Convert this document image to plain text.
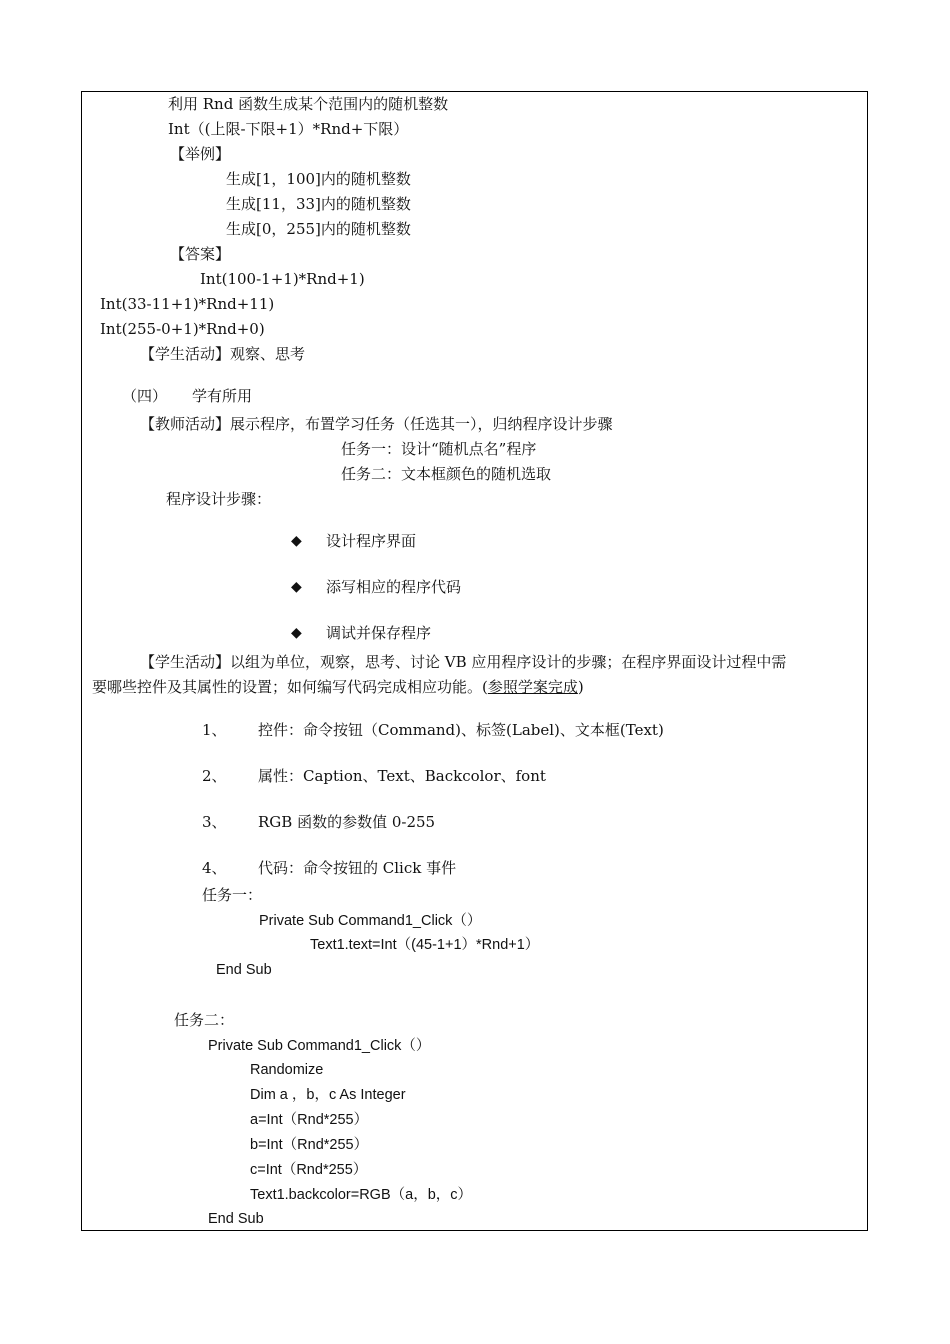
利用 Rnd 函数生成某个范围内的随机整数
Int（(上限-下限+1）*Rnd+下限）
【举例】
生成[1，100]内的随机整数
生成[11，33]内的随机整数
生成[0，255]内的随机整数
【答案】
Int(100-1+1)*Rnd+1)
Int(33-11+1)*Rnd+11)
Int(255-0+1)*Rnd+0)
【学生活动】观察、思考
（四） 学有所用
【教师活动】展示程序，布置学习任务（任选其一），归纳程序设计步骤
任务一：设计“随机点名”程序
任务二：文本框颜色的随机选取
程序设计步骤：
◆ 设计程序界面
◆ 添写相应的程序代码
◆ 调试并保存程序
【学生活动】以组为单位，观察，思考、讨论 VB 应用程序设计的步骤；在程序界面设计过程中需
要哪些控件及其属性的设置；如何编写代码完成相应功能。(参照学案完成)
1、 控件：命令按钮（Command)、标签(Label)、文本框(Text)
2、 属性：Caption、Text、Backcolor、font
3、 RGB 函数的参数值 0-255
4、 代码：命令按钮的 Click 事件
任务一：
Private Sub Command1_Click（）
Text1.text=Int（(45-1+1）*Rnd+1）
End Sub
任务二：
Private Sub Command1_Click（）
Randomize
Dim a ，b，c As Integer
a=Int（Rnd*255）
b=Int（Rnd*255）
c=Int（Rnd*255）
Text1.backcolor=RGB（a，b，c）
End Sub
